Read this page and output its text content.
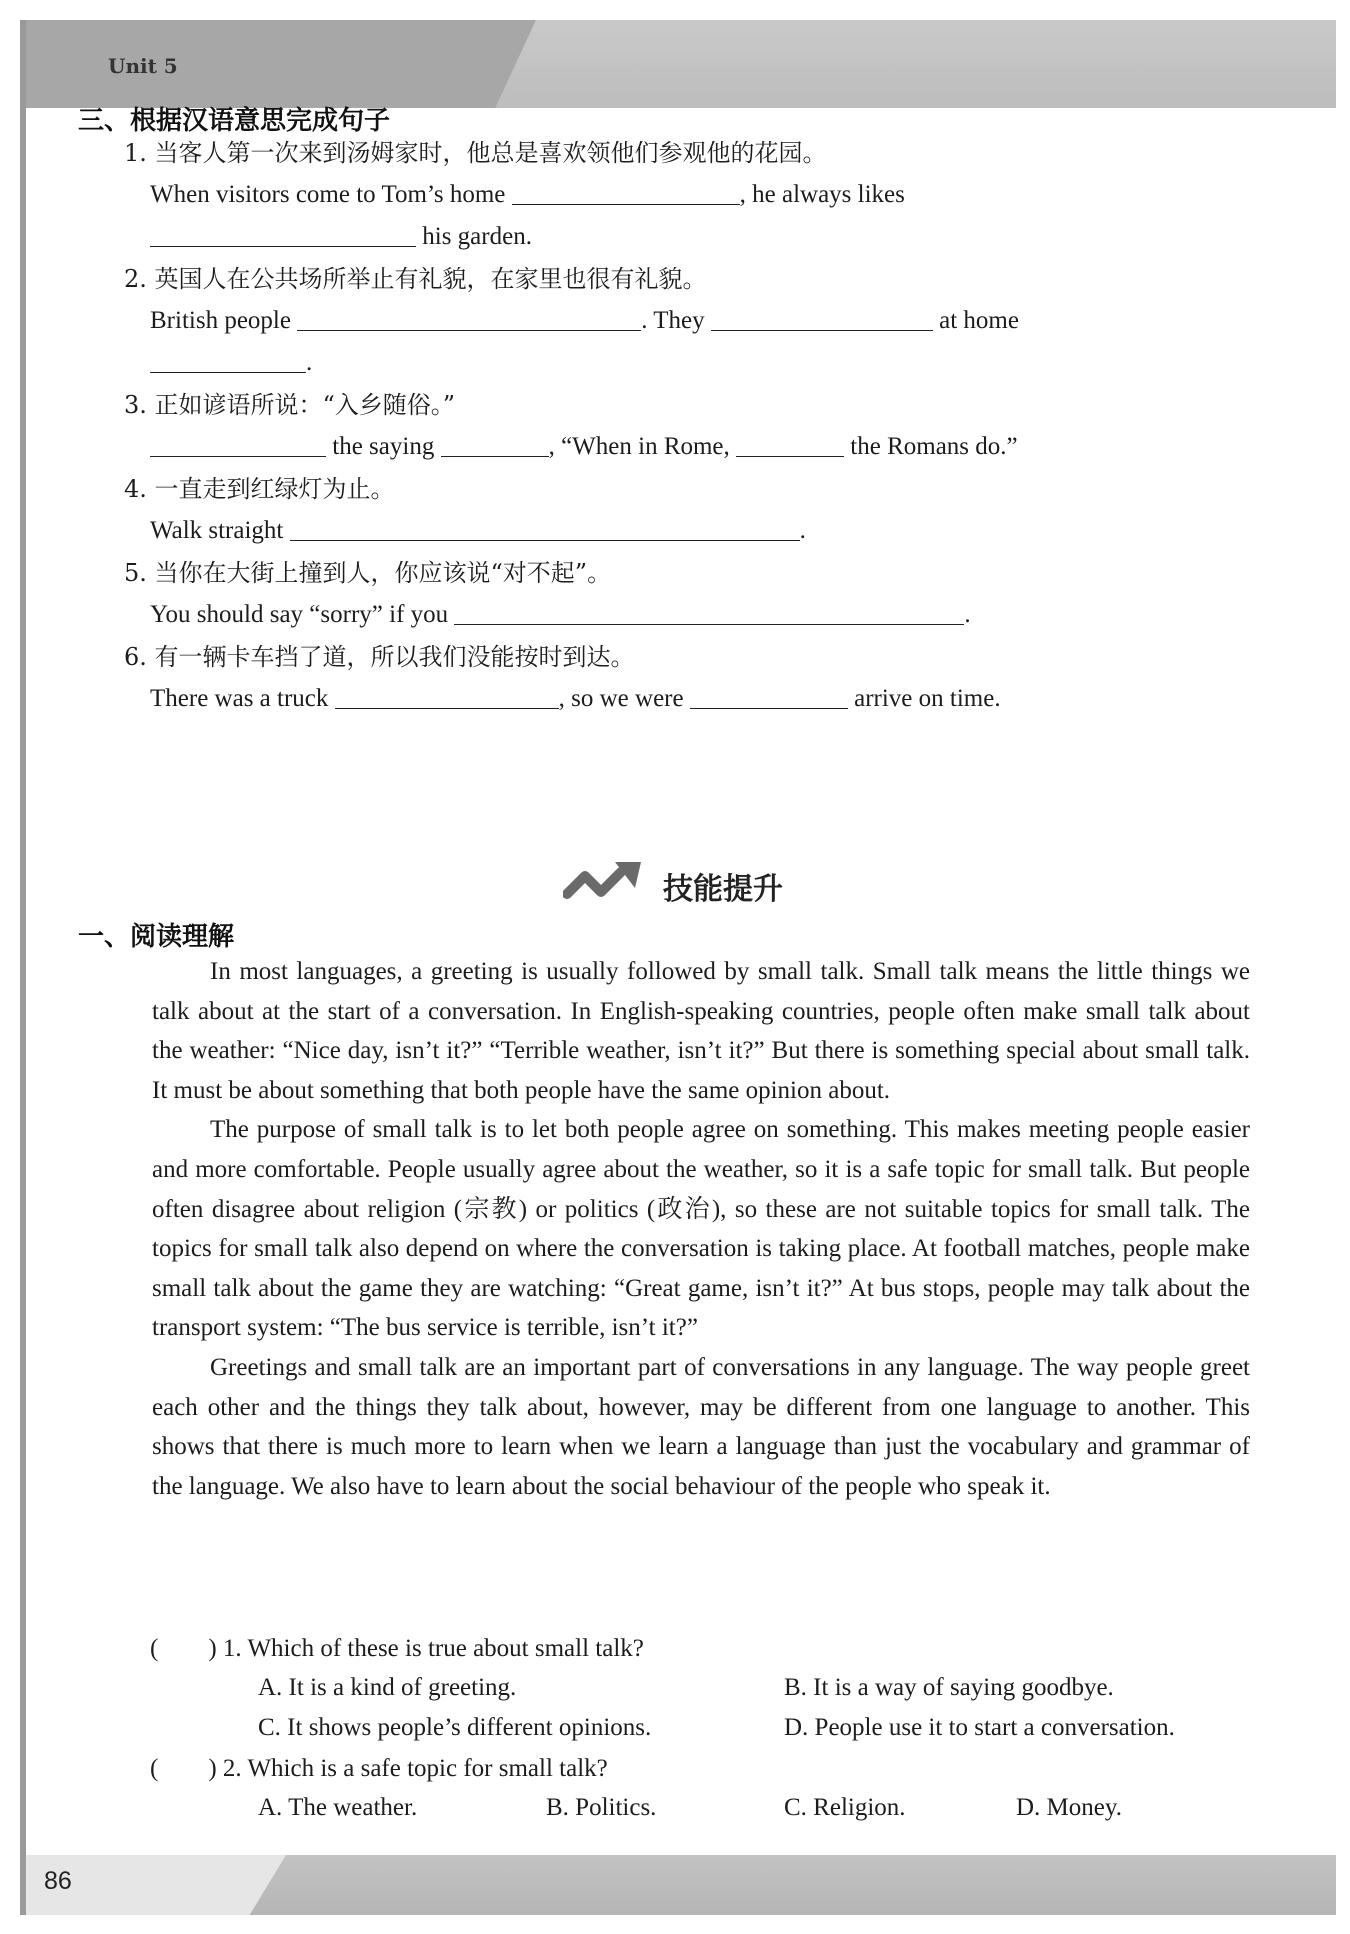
Unit 5
三、根据汉语意思完成句子
1. 当客人第一次来到汤姆家时，他总是喜欢领他们参观他的花园。
When visitors come to Tom’s home	, he always likes
his garden.
2. 英国人在公共场所举止有礼貌，在家里也很有礼貌。
British people	. They	at home
.
3. 正如谚语所说：“入乡随俗。”
the saying	, “When in Rome,	the Romans do.”
4. 一直走到红绿灯为止。
Walk straight	.
5. 当你在大街上撞到人，你应该说“对不起”。
You should say “sorry” if you	.
6. 有一辆卡车挡了道，所以我们没能按时到达。
There was a truck	, so we were	arrive on time.
技能提升
一、阅读理解

In most languages, a greeting is usually followed by small talk. Small talk means the little things we talk about at the start of a conversation. In English-speaking countries, people often make small talk about the weather: “Nice day, isn’t it?” “Terrible weather, isn’t it?” But there is something special about small talk. It must be about something that both people have the same opinion about.

The purpose of small talk is to let both people agree on something. This makes meeting people easier and more comfortable. People usually agree about the weather, so it is a safe topic for small talk. But people often disagree about religion (宗教) or politics (政治), so these are not suitable topics for small talk. The topics for small talk also depend on where the conversation is taking place. At football matches, people make small talk about the game they are watching: “Great game, isn’t it?” At bus stops, people may talk about the transport system: “The bus service is terrible, isn’t it?”

Greetings and small talk are an important part of conversations in any language. The way people greet each other and the things they talk about, however, may be different from one language to another. This shows that there is much more to learn when we learn a language than just the vocabulary and grammar of the language. We also have to learn about the social behaviour of the people who speak it.

(        ) 1. Which of these is true about small talk?
A. It is a kind of greeting.	B. It is a way of saying goodbye.
C. It shows people’s different opinions.	D. People use it to start a conversation.
(        ) 2. Which is a safe topic for small talk?
A. The weather.	B. Politics.	C. Religion.	D. Money.
86
